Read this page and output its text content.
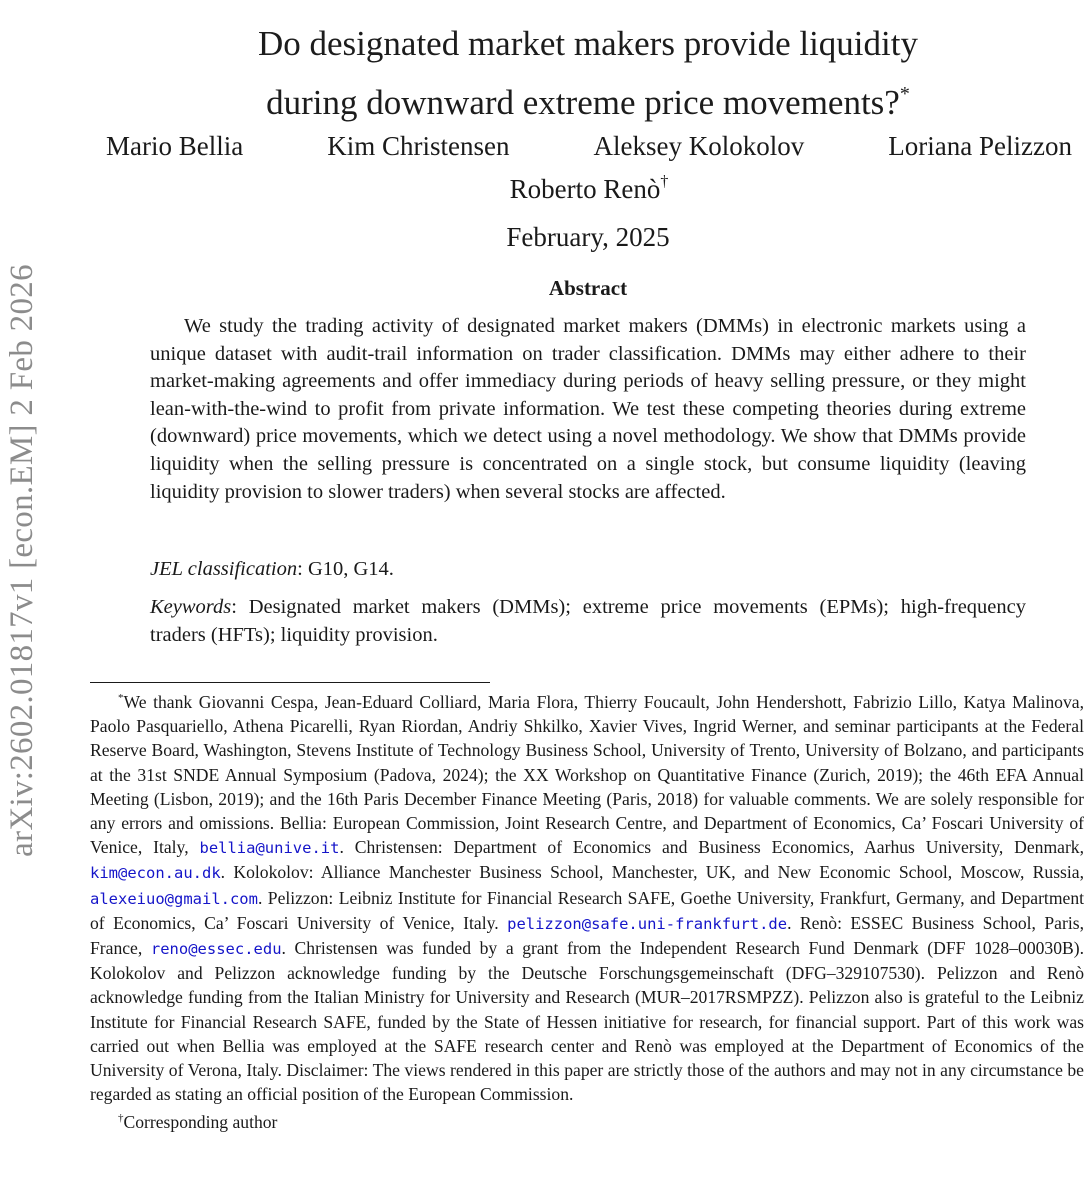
arXiv:2602.01817v1 [econ.EM] 2 Feb 2026
Do designated market makers provide liquidity
during downward extreme price movements?*
Mario Bellia	Kim Christensen	Aleksey Kolokolov	Loriana Pelizzon
Roberto Renò†
February, 2025
Abstract
We study the trading activity of designated market makers (DMMs) in electronic markets using a unique dataset with audit-trail information on trader classification. DMMs may either adhere to their market-making agreements and offer immediacy during periods of heavy selling pressure, or they might lean-with-the-wind to profit from private information. We test these competing theories during extreme (downward) price movements, which we detect using a novel methodology. We show that DMMs provide liquidity when the selling pressure is concentrated on a single stock, but consume liquidity (leaving liquidity provision to slower traders) when several stocks are affected.
JEL classification: G10, G14.
Keywords: Designated market makers (DMMs); extreme price movements (EPMs); high-frequency traders (HFTs); liquidity provision.

*We thank Giovanni Cespa, Jean-Eduard Colliard, Maria Flora, Thierry Foucault, John Hendershott, Fabrizio Lillo, Katya Malinova, Paolo Pasquariello, Athena Picarelli, Ryan Riordan, Andriy Shkilko, Xavier Vives, Ingrid Werner, and seminar participants at the Federal Reserve Board, Washington, Stevens Institute of Technology Business School, University of Trento, University of Bolzano, and participants at the 31st SNDE Annual Symposium (Padova, 2024); the XX Workshop on Quantitative Finance (Zurich, 2019); the 46th EFA Annual Meeting (Lisbon, 2019); and the 16th Paris December Finance Meeting (Paris, 2018) for valuable comments. We are solely responsible for any errors and omissions. Bellia: European Commission, Joint Research Centre, and Department of Economics, Ca’ Foscari University of Venice, Italy, bellia@unive.it. Christensen: Department of Economics and Business Economics, Aarhus University, Denmark, kim@econ.au.dk. Kolokolov: Alliance Manchester Business School, Manchester, UK, and New Economic School, Moscow, Russia, alexeiuo@gmail.com. Pelizzon: Leibniz Institute for Financial Research SAFE, Goethe University, Frankfurt, Germany, and Department of Economics, Ca’ Foscari University of Venice, Italy. pelizzon@safe.uni-frankfurt.de. Renò: ESSEC Business School, Paris, France, reno@essec.edu. Christensen was funded by a grant from the Independent Research Fund Denmark (DFF 1028–00030B). Kolokolov and Pelizzon acknowledge funding by the Deutsche Forschungsgemeinschaft (DFG–329107530). Pelizzon and Renò acknowledge funding from the Italian Ministry for University and Research (MUR–2017RSMPZZ). Pelizzon also is grateful to the Leibniz Institute for Financial Research SAFE, funded by the State of Hessen initiative for research, for financial support. Part of this work was carried out when Bellia was employed at the SAFE research center and Renò was employed at the Department of Economics of the University of Verona, Italy. Disclaimer: The views rendered in this paper are strictly those of the authors and may not in any circumstance be regarded as stating an official position of the European Commission.

†Corresponding author
